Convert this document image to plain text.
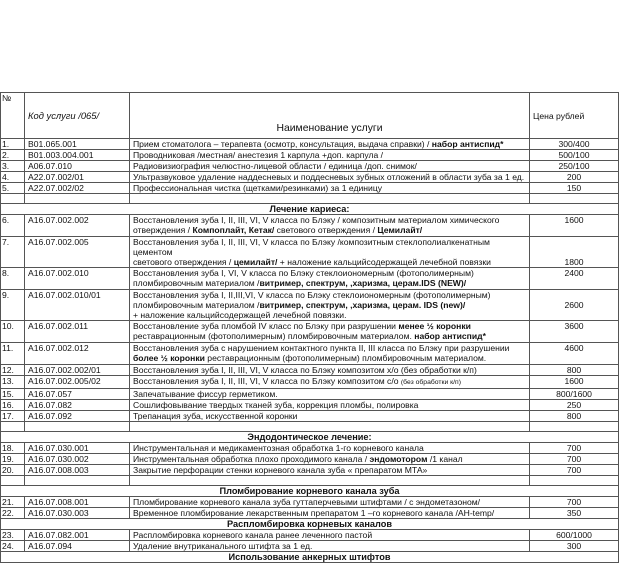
№	Код услуги /065/	Наименование услуги	Цена рублей
1.	В01.065.001	Прием стоматолога – терапевта (осмотр, консультация, выдача справки) / набор антиспид*	300/400
2.	В01.003.004.001	Проводниковая /местная/ анестезия 1 карпула +доп. карпула /	500/100
3.	А06.07.010	Радиовизиография челюстно-лицевой области / единица /доп. снимок/	250/100
4.	А22.07.002/01	Ультразвуковое удаление наддесневых и поддесневых зубных отложений в области зуба за 1 ед.	200
5.	А22.07.002/02	Профессиональная чистка (щетками/резинками) за 1 единицу	150

Лечение кариеса:			
6.	А16.07.002.002	Восстановления зуба I, II, III, VI, V класса по Блэку / композитным материалом химического
отверждения / Компоплайт, Кетак/ светового отверждения / Цемилайт/	1600
7.	А16.07.002.005	Восстановления зуба I, II, III, VI, V класса по Блэку /композитным стеклополиалкенатным цементом
светового отверждения / цемилайт/ + наложение кальцийсодержащей лечебной повязки	1800
8.	А16.07.002.010	Восстановления зуба I, VI, V класса по Блэку стеклоиономерным (фотополимерным)
пломбировочным материалом /витример, спектрум, ,харизма, церам.IDS (NEW)/	2400
9.	А16.07.002.010/01	Восстановления зуба I, II,III,VI, V класса по Блэку стеклоиономерным (фотополимерным)
пломбировочным материалом /витример, спектрум, ,харизма, церам. IDS (new)/
+ наложение кальцийсодержащей лечебной повязки.	2600
10.	А16.07.002.011	Восстановление зуба пломбой IV класс по Блэку при разрушении менее ½ коронки
реставрационным (фотополимерным) пломбировочным материалом. набор антиспид*	3600
11.	А16.07.002.012	Восстановления зуба с нарушением контактного пункта II, III класса по Блэку при разрушении
более ½ коронки реставрационным (фотополимерным) пломбировочным материалом.	4600
12.	А16.07.002.002/01	Восстановления зуба I, II, III, VI, V класса по Блэку композитом х/о (без обработки к/п)	800
13.	А16.07.002.005/02	Восстановления зуба I, II, III, VI, V класса по Блэку композитом с/о (без обработки к/п)	1600
15.	А16.07.057	Запечатывание фиссур герметиком.	800/1600
16.	А16.07.082	Сошлифовывание твердых тканей зуба, коррекция пломбы, полировка	250
17.	А16.07.092	Трепанация зуба, искусственной коронки	800

Эндодонтическое лечение:			
18.	А16.07.030.001	Инструментальная и медикаментозная обработка 1-го корневого канала	700
19.	А16.07.030.002	Инструментальная обработка плохо проходимого канала / эндомотором /1 канал	700
20.	А16.07.008.003	Закрытие перфорации стенки корневого канала зуба « препаратом МТА»	700

Пломбирование корневого канала зуба			
21.	А16.07.008.001	Пломбирование корневого канала зуба гуттаперчевыми штифтами / с эндометазоном/	700
22.	А16.07.030.003	Временное пломбирование лекарственным препаратом 1 –го корневого канала /АН-temp/	350
Распломбировка корневых каналов			
23.	А16.07.082.001	Распломбировка корневого канала ранее леченного пастой	600/1000
24.	А16.07.094	Удаление внутриканального штифта за 1 ед.	300
Использование анкерных штифтов			
